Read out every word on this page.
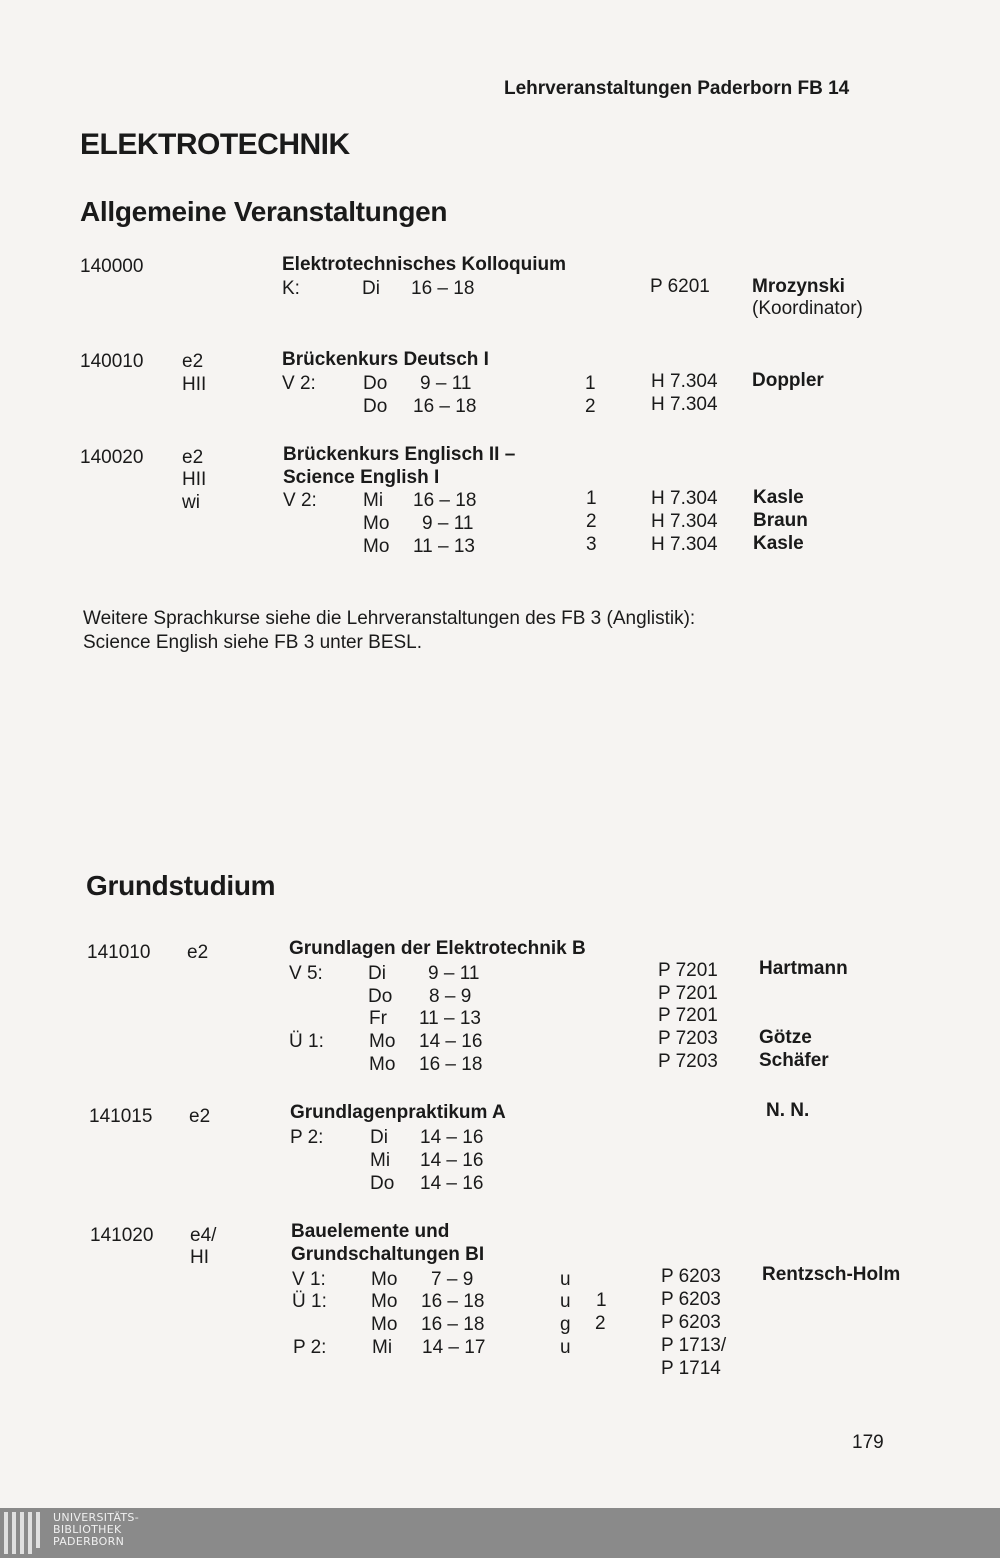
Lehrveranstaltungen Paderborn FB 14
ELEKTROTECHNIK
Allgemeine Veranstaltungen
140000	Elektrotechnisches Kolloquium
K:	Di 16 – 18	P 6201 Mrozynski
(Koordinator)
140010 e2
HII
Brückenkurs Deutsch I
V 2: Do 9 – 11	1	H 7.304 Doppler
Do 16 – 18	2	H 7.304
140020 e2
HII
wi
Brückenkurs Englisch II –
Science English I
V 2: Mi 16 – 18	1	H 7.304 Kasle
Mo 9 – 11	2	H 7.304 Braun
Mo 11 – 13	3	H 7.304 Kasle
Weitere Sprachkurse siehe die Lehrveranstaltungen des FB 3 (Anglistik):
Science English siehe FB 3 unter BESL.
Grundstudium
141010 e2	Grundlagen der Elektrotechnik B
V 5: Di 9 – 11	P 7201 Hartmann
Do 8 – 9	P 7201
Fr 11 – 13	P 7201
Ü 1: Mo 14 – 16	P 7203 Götze
Mo 16 – 18	P 7203 Schäfer
141015 e2	Grundlagenpraktikum A	N. N.
P 2: Di 14 – 16
Mi 14 – 16
Do 14 – 16
141020 e4/
HI
Bauelemente und
Grundschaltungen BI
V 1: Mo 7 – 9	u	P 6203 Rentzsch-Holm
Ü 1: Mo 16 – 18	u 1	P 6203
Mo 16 – 18	g 2	P 6203
P 2: Mi 14 – 17	u	P 1713/
P 1714
179
UNIVERSITÄTS-
BIBLIOTHEK
PADERBORN
